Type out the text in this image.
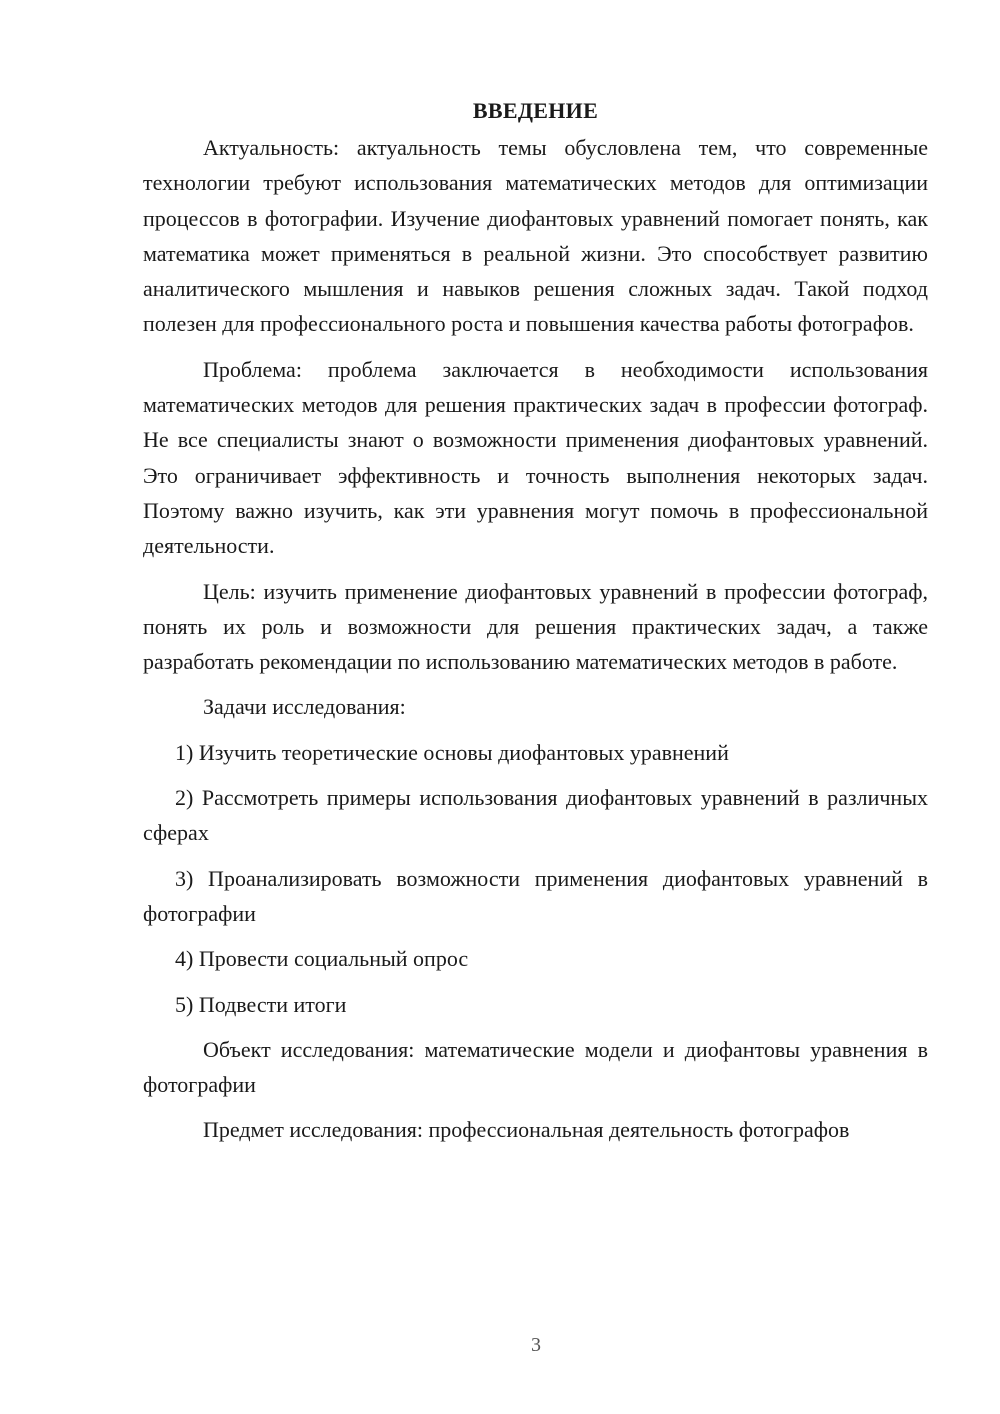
ВВЕДЕНИЕ

Актуальность: актуальность темы обусловлена тем, что современные технологии требуют использования математических методов для оптимизации процессов в фотографии. Изучение диофантовых уравнений помогает понять, как математика может применяться в реальной жизни. Это способствует развитию аналитического мышления и навыков решения сложных задач. Такой подход полезен для профессионального роста и повышения качества работы фотографов.

Проблема: проблема заключается в необходимости использования математических методов для решения практических задач в профессии фотограф. Не все специалисты знают о возможности применения диофантовых уравнений. Это ограничивает эффективность и точность выполнения некоторых задач. Поэтому важно изучить, как эти уравнения могут помочь в профессиональной деятельности.

Цель: изучить применение диофантовых уравнений в профессии фотограф, понять их роль и возможности для решения практических задач, а также разработать рекомендации по использованию математических методов в работе.

Задачи исследования:

1) Изучить теоретические основы диофантовых уравнений

2) Рассмотреть примеры использования диофантовых уравнений в различных сферах

3) Проанализировать возможности применения диофантовых уравнений в фотографии

4) Провести социальный опрос

5) Подвести итоги

Объект исследования: математические модели и диофантовы уравнения в фотографии

Предмет исследования: профессиональная деятельность фотографов

3
